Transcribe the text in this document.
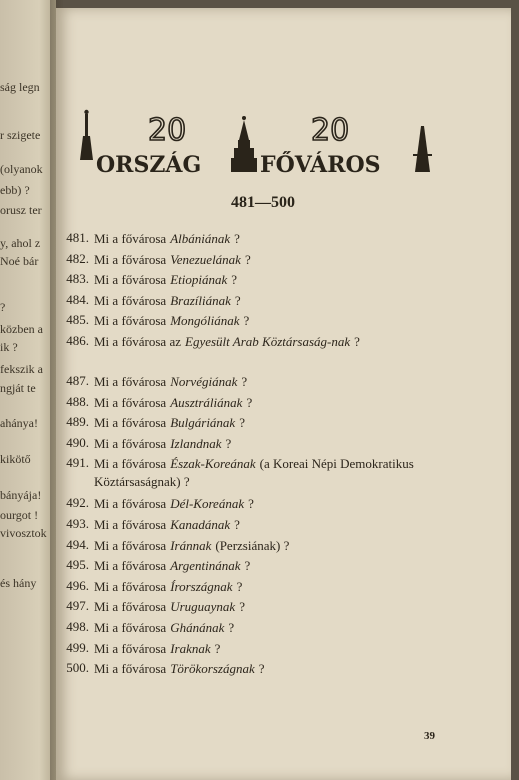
ság legn
r szigete
(olyanok
ebb) ?
orusz ter
y, ahol z
Noé bár
?
közben a
ik ?
fekszik a
ngját te
ahánya!
kikötő
bányája!
ourgot !
vivosztok
és hány
20	20
ORSZÁG	FŐVÁROS
481—500
481. Mi a fővárosa Albániának ?
482. Mi a fővárosa Venezuelának ?
483. Mi a fővárosa Etiopiának ?
484. Mi a fővárosa Brazíliának ?
485. Mi a fővárosa Mongóliának ?
486. Mi a fővárosa az Egyesült Arab Köztársaság-nak ?
487. Mi a fővárosa Norvégiának ?
488. Mi a fővárosa Ausztráliának ?
489. Mi a fővárosa Bulgáriának ?
490. Mi a fővárosa Izlandnak ?
491. Mi a fővárosa Észak-Koreának (a Koreai Népi Demokratikus Köztársaságnak) ?
492. Mi a fővárosa Dél-Koreának ?
493. Mi a fővárosa Kanadának ?
494. Mi a fővárosa Iránnak (Perzsiának) ?
495. Mi a fővárosa Argentinának ?
496. Mi a fővárosa Írországnak ?
497. Mi a fővárosa Uruguaynak ?
498. Mi a fővárosa Ghánának ?
499. Mi a fővárosa Iraknak ?
500. Mi a fővárosa Törökországnak ?
39
